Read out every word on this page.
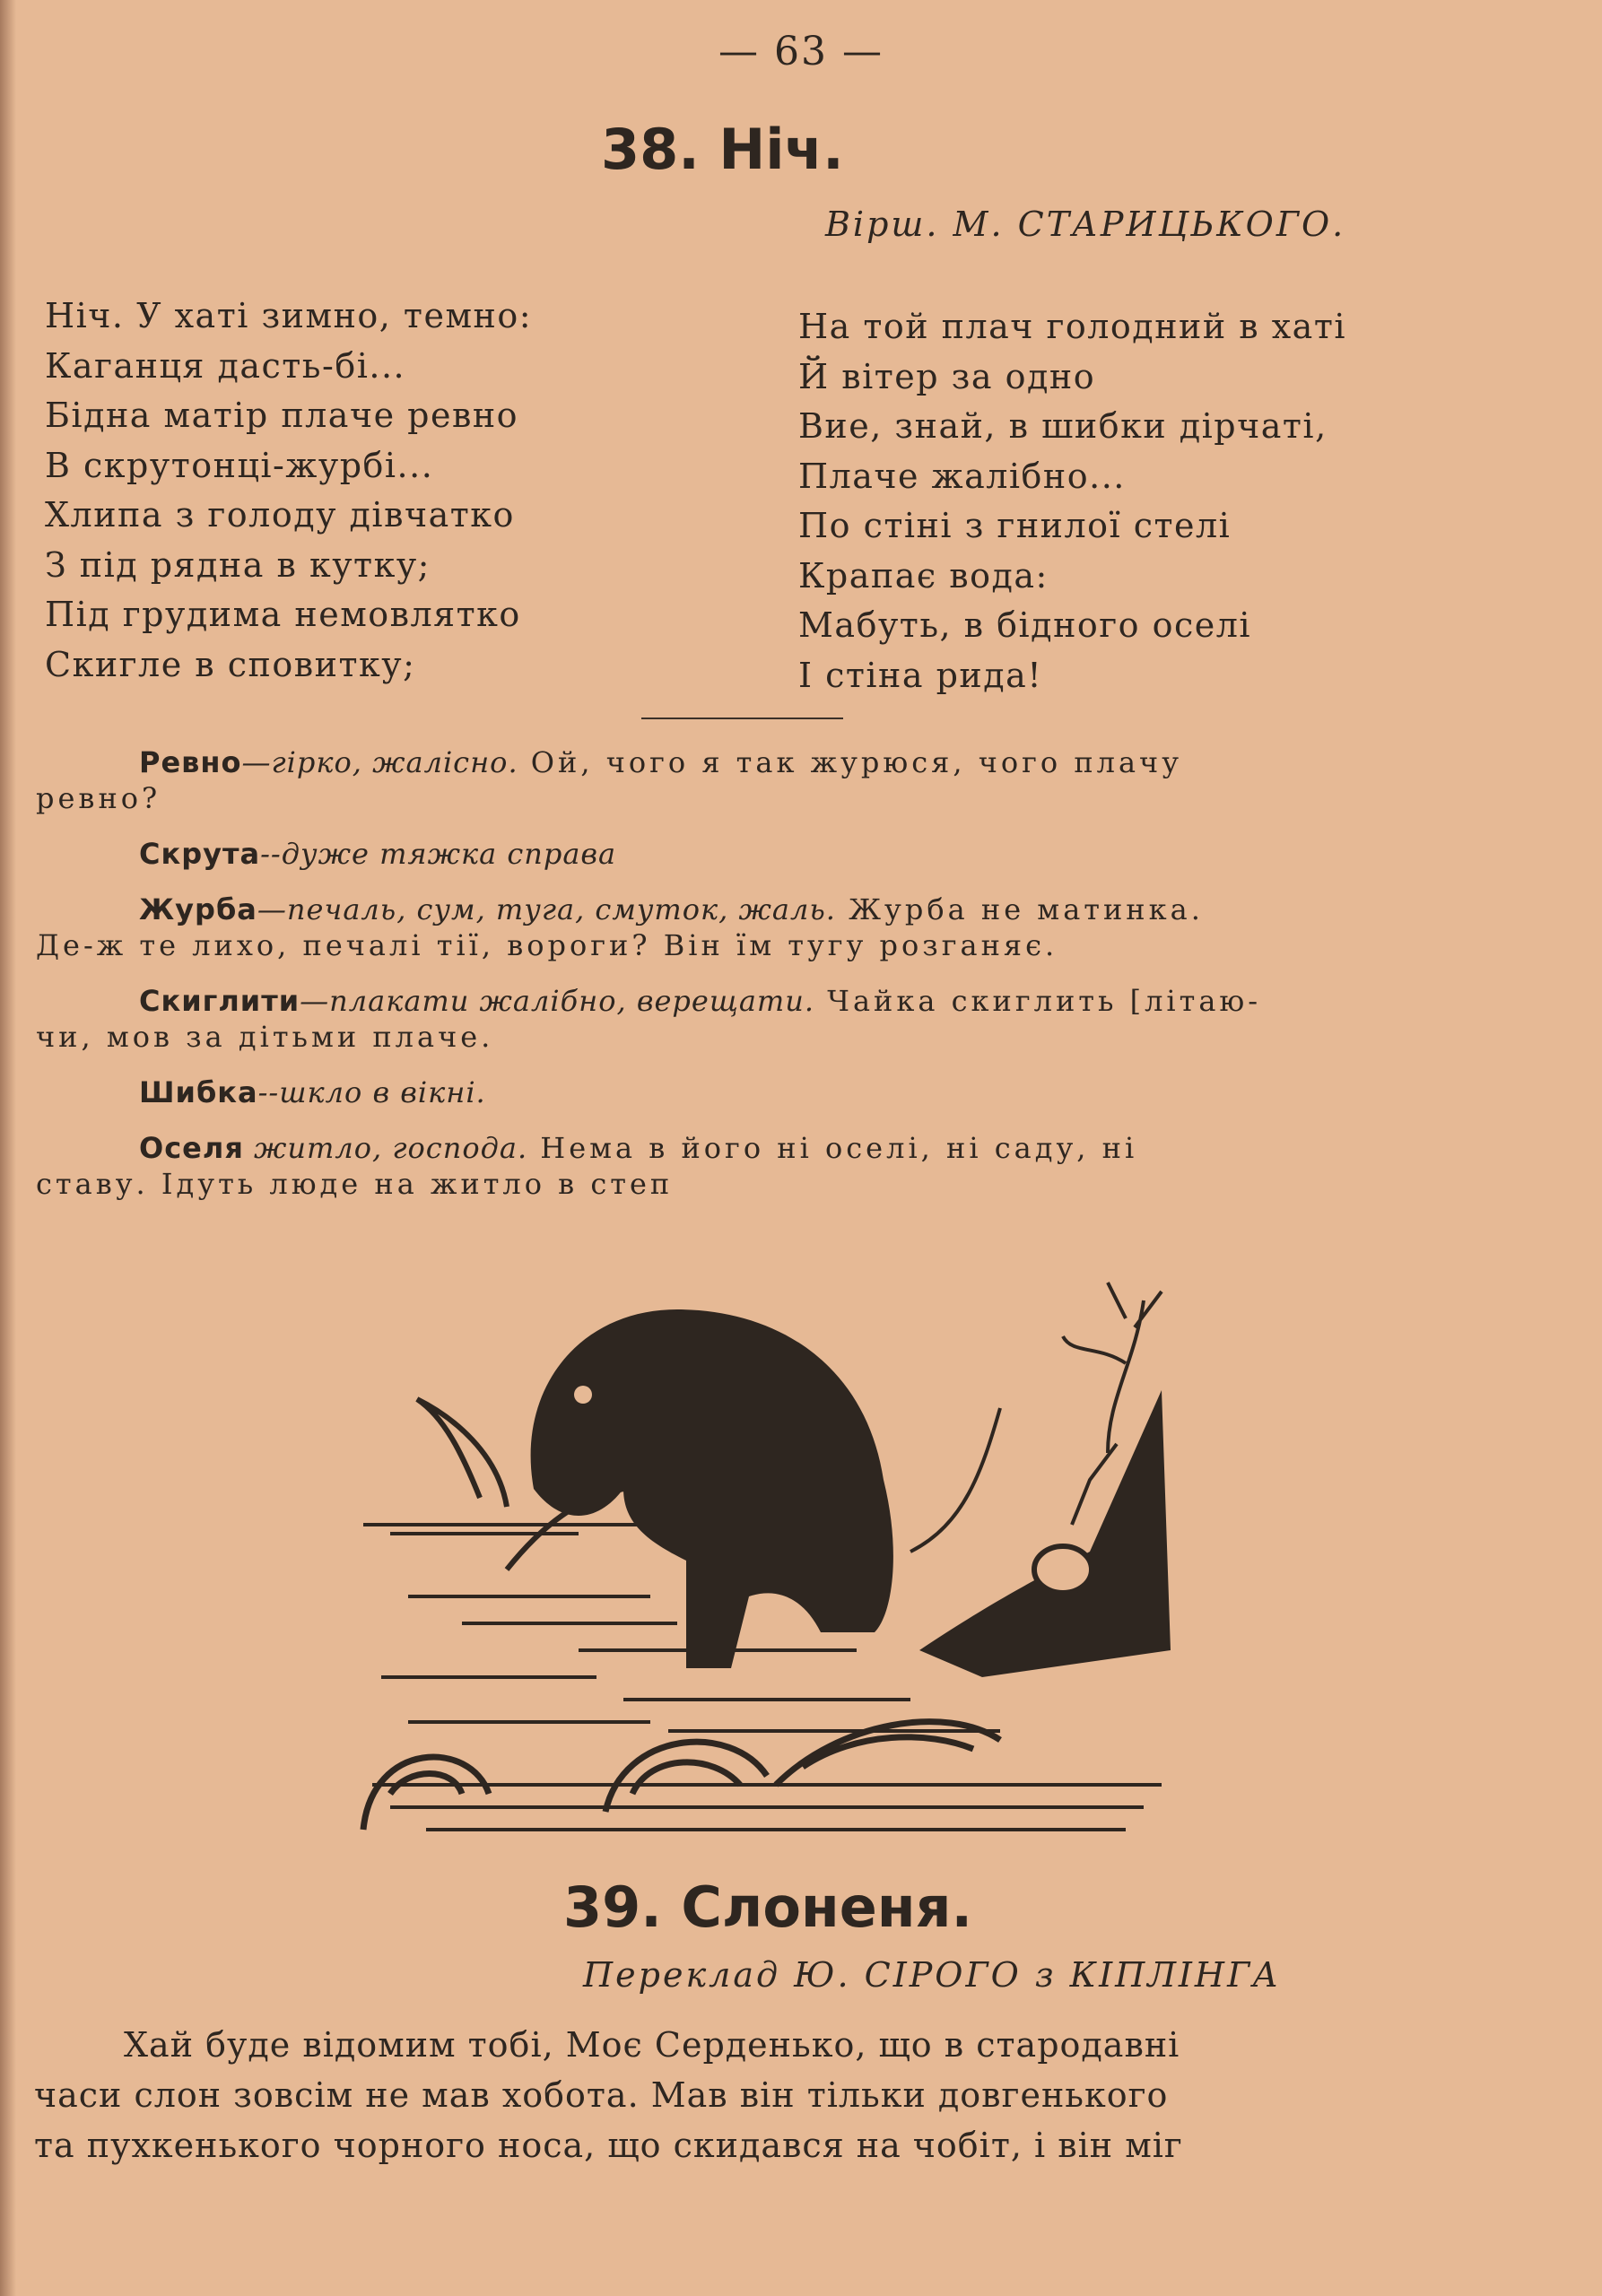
— 63 —
38. Ніч.
Вірш. М. СТАРИЦЬКОГО.
Ніч. У хаті зимно, темно:
Каганця дасть-бі...
Бідна матір плаче ревно
В скрутонці-журбі...
Хлипа з голоду дівчатко
З під рядна в кутку;
Під грудима немовлятко
Скигле в сповитку;
На той плач голодний в хаті
Й вітер за одно
Вие, знай, в шибки дірчаті,
Плаче жалібно...
По стіні з гнилої стелі
Крапає вода:
Мабуть, в бідного оселі
І стіна рида!
Ревно—гірко, жалісно. Ой, чого я так журюся, чого плачу
ревно?
Скрута--дуже тяжка справа
Журба—печаль, сум, туга, смуток, жаль. Журба не матинка.
Де-ж те лихо, печалі тії, вороги? Він їм тугу розганяє.
Скиглити—плакати жалібно, верещати. Чайка скиглить [літаю-
чи, мов за дітьми плаче.
Шибка--шкло в вікні.
Оселя житло, господа. Нема в його ні оселі, ні саду, ні
ставу. Ідуть люде на житло в степ
39. Слоненя.
Переклад Ю. СІРОГО з КІПЛІНГА
Хай буде відомим тобі, Моє Серденько, що в стародавні
часи слон зовсім не мав хобота. Мав він тільки довгенького
та пухкенького чорного носа, що скидався на чобіт, і він міг
